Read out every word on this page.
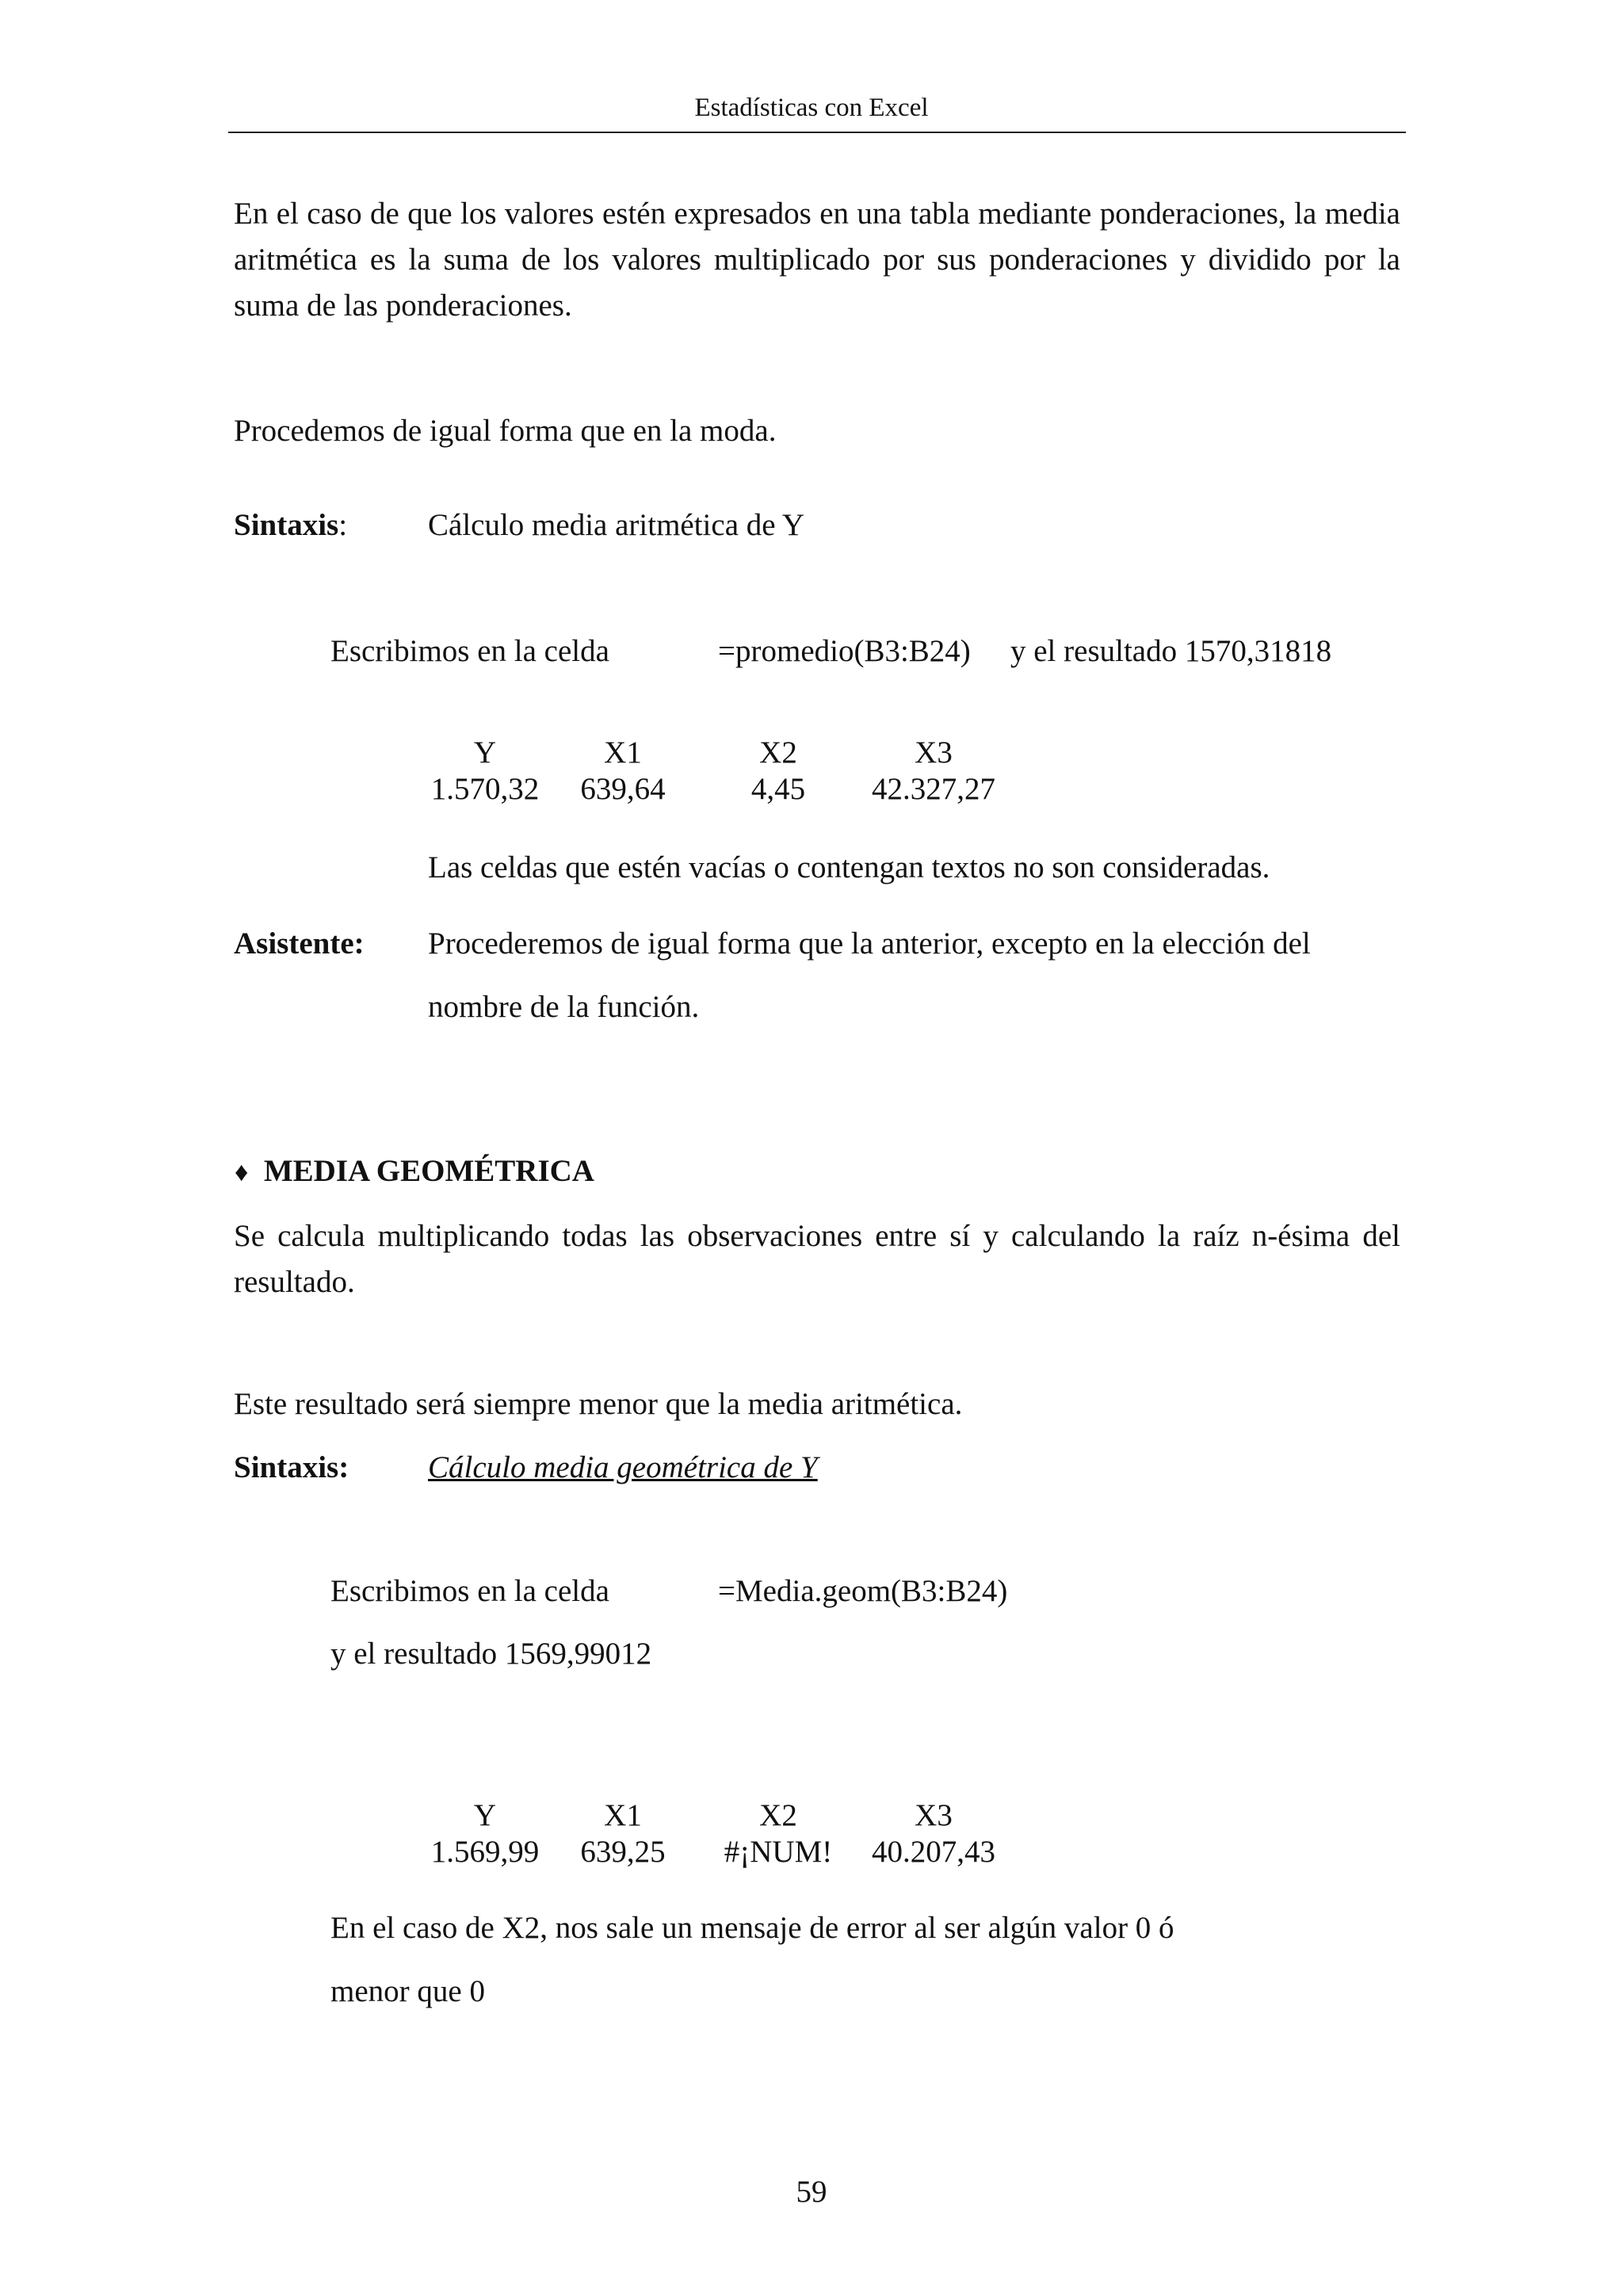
Estadísticas con Excel
En el caso de que los valores estén expresados en una tabla mediante ponderaciones, la media aritmética es la suma de los valores multiplicado por sus ponderaciones y dividido por la suma de las ponderaciones.
Procedemos de igual forma que en la moda.
Sintaxis:	Cálculo media aritmética de Y
Escribimos en la celda	=promedio(B3:B24) y el resultado 1570,31818
Y	X1	X2	X3
1.570,32	639,64	4,45	42.327,27
Las celdas que estén vacías o contengan textos no son consideradas.
Asistente: Procederemos de igual forma que la anterior, excepto en la elección del
nombre de la función.
♦ MEDIA GEOMÉTRICA
Se calcula multiplicando todas las observaciones entre sí y calculando la raíz n-ésima del resultado.
Este resultado será siempre menor que la media aritmética.
Sintaxis:	Cálculo media geométrica de Y
Escribimos en la celda	=Media.geom(B3:B24)
y el resultado 1569,99012
Y	X1	X2	X3
1.569,99	639,25	#¡NUM!	40.207,43
En el caso de X2, nos sale un mensaje de error al ser algún valor 0 ó
menor que 0
59
